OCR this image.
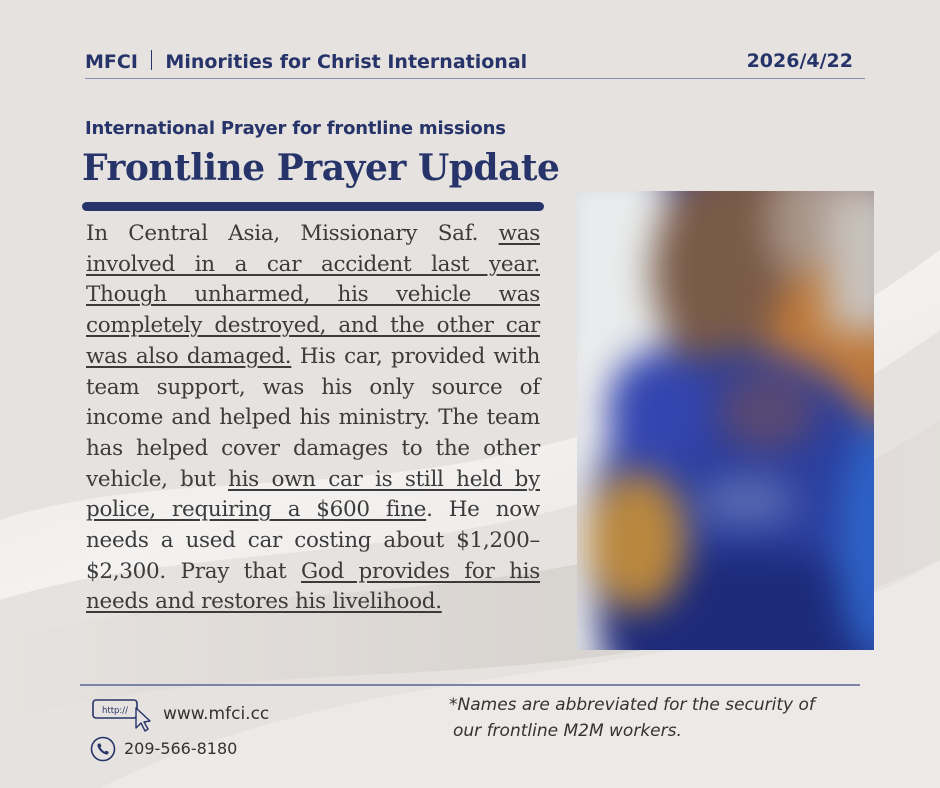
MFCI Minorities for Christ International	2026/4/22
International Prayer for frontline missions
Frontline Prayer Update
In Central Asia, Missionary Saf. was involved in a car accident last year. Though unharmed, his vehicle was completely destroyed, and the other car was also damaged. His car, provided with team support, was his only source of income and helped his ministry. The team has helped cover damages to the other vehicle, but his own car is still held by police, requiring a $600 fine. He now needs a used car costing about $1,200–$2,300. Pray that God provides for his needs and restores his livelihood.
http:// www.mfci.cc
209-566-8180
*Names are abbreviated for the security of
our frontline M2M workers.
